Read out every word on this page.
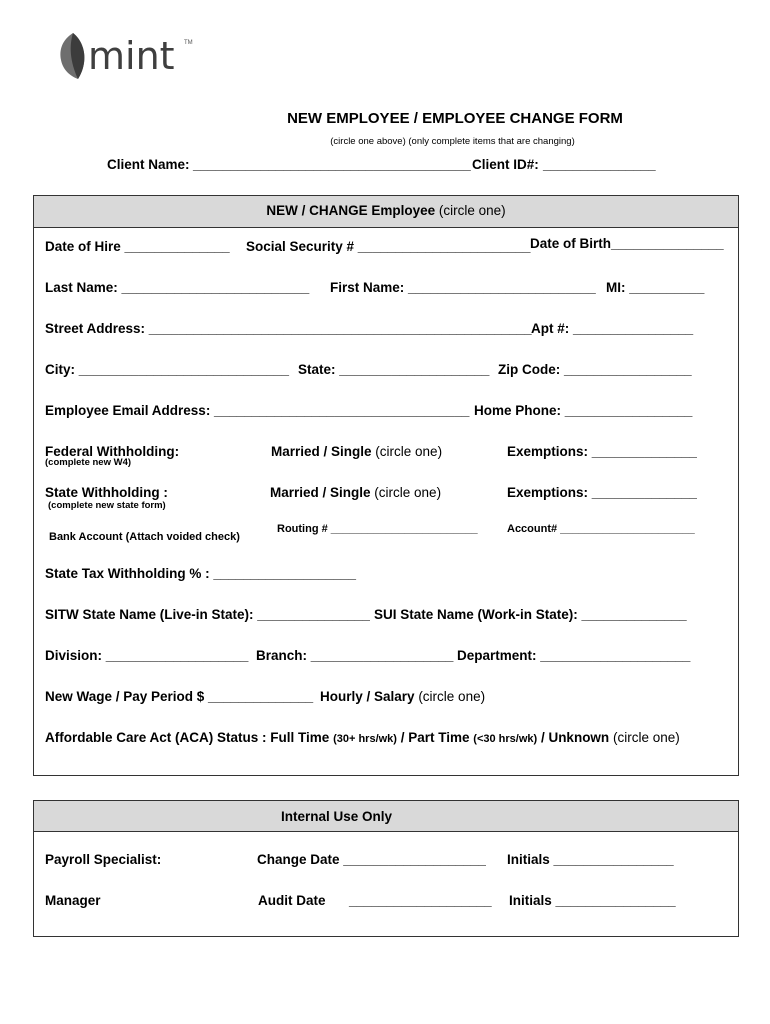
mint TM
NEW EMPLOYEE / EMPLOYEE CHANGE FORM
(circle one above) (only complete items that are changing)
Client Name: _____________________________________ Client ID#: _______________
NEW / CHANGE Employee (circle one)
Date of Hire ______________ Social Security # _______________________ Date of Birth_______________
Last Name: _________________________ First Name: _________________________ MI: __________
Street Address: ___________________________________________________ Apt #: ________________
City: ____________________________ State: ____________________ Zip Code: _________________
Employee Email Address: __________________________________ Home Phone: _________________
Federal Withholding:
(complete new W4)
Married / Single (circle one)	Exemptions: ______________
State Withholding :
(complete new state form)
Married / Single (circle one)	Exemptions: ______________
Routing # ________________________	Account# ______________________
Bank Account (Attach voided check)
State Tax Withholding % : ___________________
SITW State Name (Live-in State): _______________ SUI State Name (Work-in State): ______________
Division: ___________________ Branch: ___________________ Department: ____________________
New Wage / Pay Period $ ______________ Hourly / Salary (circle one)
Affordable Care Act (ACA) Status : Full Time (30+ hrs/wk) / Part Time (<30 hrs/wk) / Unknown (circle one)
Internal Use Only
Payroll Specialist:	Change Date ___________________ Initials ________________
Manager	Audit Date ___________________ Initials ________________
